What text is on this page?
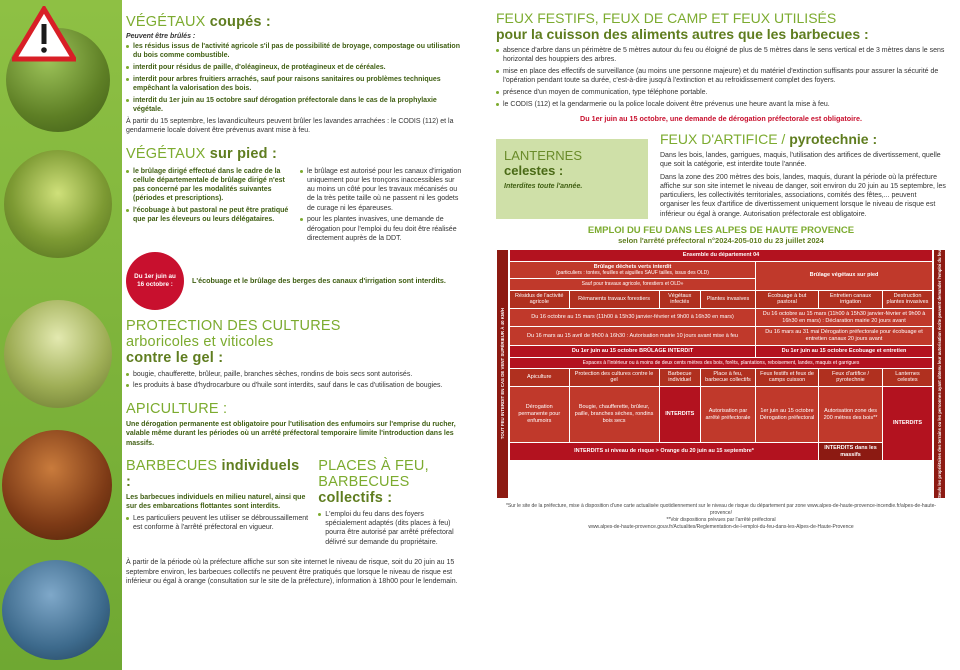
VÉGÉTAUX coupés :
Peuvent être brûlés :
les résidus issus de l'activité agricole s'il pas de possibilité de broyage, compostage ou utilisation du bois comme combustible.
interdit pour résidus de paille, d'oléagineux, de protéagineux et de céréales.
interdit pour arbres fruitiers arrachés, sauf pour raisons sanitaires ou problèmes techniques empêchant la valorisation des bois.
interdit du 1er juin au 15 octobre sauf dérogation préfectorale dans le cas de la prophylaxie végétale.

À partir du 15 septembre, les lavandiculteurs peuvent brûler les lavandes arrachées : le CODIS (112) et la gendarmerie locale doivent être prévenus avant mise à feu.

VÉGÉTAUX sur pied :
le brûlage dirigé effectué dans le cadre de la cellule départementale de brûlage dirigé n'est pas concerné par les modalités suivantes (périodes et prescriptions).
l'écobuage à but pastoral ne peut être pratiqué que par les éleveurs ou leurs délégataires.
le brûlage est autorisé pour les canaux d'irrigation uniquement pour les tronçons inaccessibles sur au moins un côté pour les travaux mécanisés ou de la très petite taille où ne passent ni les godets de curage ni les épareuses.
pour les plantes invasives, une demande de dérogation pour l'emploi du feu doit être réalisée directement auprès de la DDT.
Du 1er juin au 16 octobre :	L'écobuage et le brûlage des berges des canaux d'irrigation sont interdits.
PROTECTION DES CULTURES
arboricoles et viticoles
contre le gel :
bougie, chaufferette, brûleur, paille, branches sèches, rondins de bois secs sont autorisés.
les produits à base d'hydrocarbure ou d'huile sont interdits, sauf dans le cas d'utilisation de bougies.
APICULTURE :

Une dérogation permanente est obligatoire pour l'utilisation des enfumoirs sur l'emprise du rucher, valable même durant les périodes où un arrêté préfectoral temporaire limite l'introduction dans les massifs.

BARBECUES individuels :

Les barbecues individuels en milieu naturel, ainsi que sur des embarcations flottantes sont interdits.

Les particuliers peuvent les utiliser se débroussaillement est conforme à l'arrêté préfectoral en vigueur.
PLACES À FEU,
BARBECUES collectifs :
L'emploi du feu dans des foyers spécialement adaptés (dits places à feu) pourra être autorisé par arrêté préfectoral délivré sur demande du propriétaire.

À partir de la période où la préfecture affiche sur son site internet le niveau de risque, soit du 20 juin au 15 septembre environ, les barbecues collectifs ne peuvent être pratiqués que lorsque le niveau de risque est inférieur ou égal à orange (consultation sur le site de la préfecture), information à 18h00 pour le lendemain.

FEUX FESTIFS, FEUX DE CAMP ET FEUX UTILISÉS
pour la cuisson des aliments autres que les barbecues :
absence d'arbre dans un périmètre de 5 mètres autour du feu ou éloigné de plus de 5 mètres dans le sens vertical et de 3 mètres dans le sens horizontal des houppiers des arbres.
mise en place des effectifs de surveillance (au moins une personne majeure) et du matériel d'extinction suffisants pour assurer la sécurité de l'opération pendant toute sa durée, c'est-à-dire jusqu'à l'extinction et au refroidissement complet des foyers.
présence d'un moyen de communication, type téléphone portable.
le CODIS (112) et la gendarmerie ou la police locale doivent être prévenus une heure avant la mise à feu.
Du 1er juin au 15 octobre, une demande de dérogation préfectorale est obligatoire.
LANTERNES
celestes :
Interdites toute l'année.
FEUX D'ARTIFICE / pyrotechnie :

Dans les bois, landes, garrigues, maquis, l'utilisation des artifices de divertissement, quelle que soit la catégorie, est interdite toute l'année.

Dans la zone des 200 mètres des bois, landes, maquis, durant la période où la préfecture affiche sur son site internet le niveau de danger, soit environ du 20 juin au 15 septembre, les particuliers, les collectivités territoriales, associations, comités des fêtes,... peuvent organiser les feux d'artifice de divertissement uniquement lorsque le niveau de risque est inférieur ou égal à orange. Autorisation préfectorale est obligatoire.

EMPLOI DU FEU DANS LES ALPES DE HAUTE PROVENCE
selon l'arrêté préfectoral n°2024-205-010 du 23 juillet 2024
TOUT FEU INTERDIT EN CAS DE VENT SUPÉRIEUR À 40 KM/H
Ensemble du département 04						

Brûlage déchets verts interdit
(particuliers : tontes, feuilles et aiguilles SAUF tailles, issus des OLD)				Brûlage végétaux sur pied		
Sauf pour travaux agricole, forestiers et OLD»						
Résidus de l'activité agricole	Rémanents travaux forestiers	Végétaux infectés	Plantes invasives	Écobuage à but pastoral	Entretien canaux irrigation	Destruction plantes invasives
Du 16 octobre au 15 mars (11h00 à 15h30 janvier-février et 9h00 à 16h30 en mars)				Du 16 octobre au 15 mars (11h00 à 15h30 janvier-février et 9h00 à 16h30 en mars) : Déclaration mairie 20 jours avant		
Du 16 mars au 15 avril de 9h00 à 16h30 : Autorisation mairie 10 jours avant mise à feu				Du 16 mars au 31 mai Dérogation préfectorale pour écobuage et entretien canaux 20 jours avant		
Du 1er juin au 15 octobre BRÛLAGE INTERDIT				Du 1er juin au 15 octobre Ecobuage et entretien		
Espaces à l'intérieur ou à moins de deux cents mètres des bois, forêts, plantations, reboisement, landes, maquis et garrigues						
Apiculture	Protection des cultures contre le gel	Barbecue individuel	Place à feu, barbecue collectifs	Feux festifs et feux de camps cuisson	Feux d'artifice / pyrotechnie	Lanternes celestes
Dérogation permanente pour enfumoirs	Bougie, chaufferette, brûleur, paille, branches sèches, rondins bois secs	INTERDITS	Autorisation par arrêté préfectorale	1er juin au 15 octobre Dérogation préfectoral	Autorisation zone des 200 mètres des bois**	INTERDITS
INTERDITS si niveau de risque > Orange du 20 juin au 15 septembre*					INTERDITS dans les massifs		Seuls les propriétaires des terrains ou les personnes ayant obtenu leur autorisation écrite peuvent demander l'emploi du feu
*Sur le site de la préfecture, mise à disposition d'une carte actualisée quotidiennement sur le niveau de risque du département par zone www.alpes-de-haute-provence-incendie.fr/alpes-de-haute-provence/
**Voir dispositions prévues par l'arrêté préfectoral
www.alpes-de-haute-provence.gouv.fr/Actualites/Reglementation-de-l-emploi-du-feu-dans-les-Alpes-de-Haute-Provence
